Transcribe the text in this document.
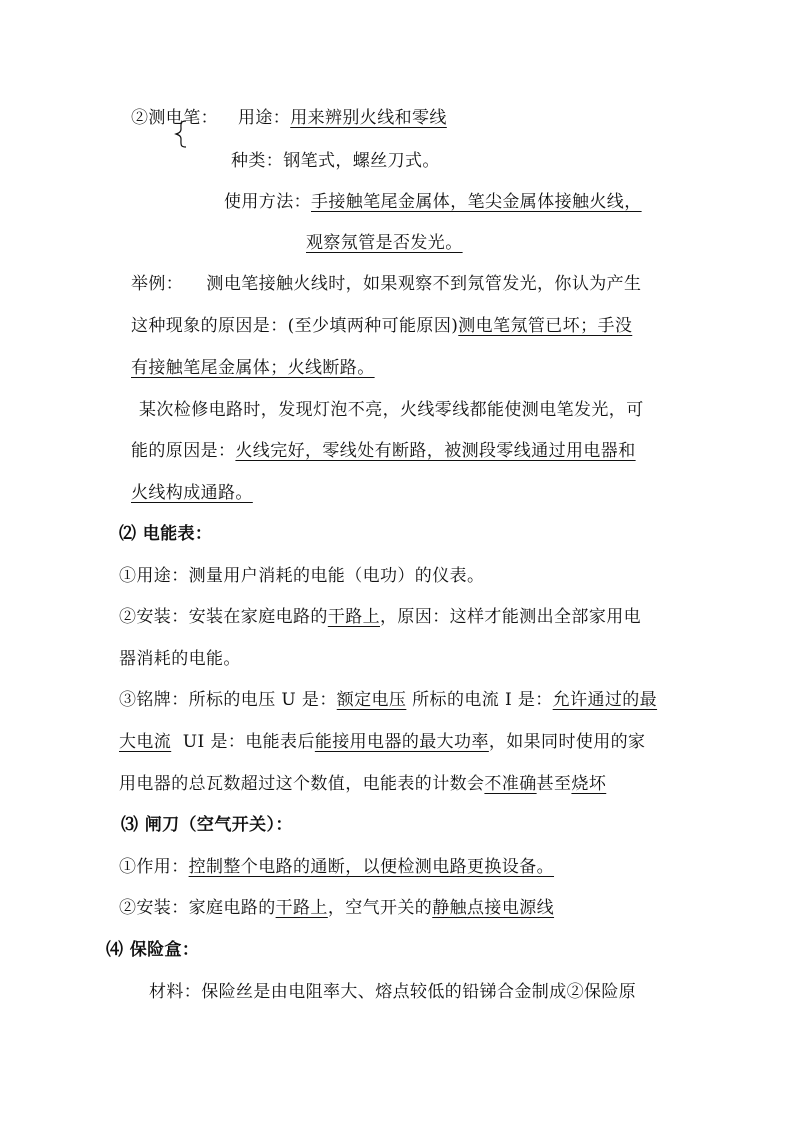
②测电笔： 用途：用来辨别火线和零线
种类：钢笔式，螺丝刀式。
使用方法：手接触笔尾金属体，笔尖金属体接触火线，
观察氖管是否发光。
举例：    测电笔接触火线时，如果观察不到氖管发光，你认为产生
这种现象的原因是：(至少填两种可能原因)测电笔氖管已坏；手没
有接触笔尾金属体；火线断路。
某次检修电路时，发现灯泡不亮，火线零线都能使测电笔发光，可
能的原因是：火线完好，零线处有断路，被测段零线通过用电器和
火线构成通路。
⑵ 电能表：
①用途：测量用户消耗的电能（电功）的仪表。
②安装：安装在家庭电路的干路上，原因：这样才能测出全部家用电
器消耗的电能。
③铭牌：所标的电压 U 是：额定电压 所标的电流 I 是：允许通过的最
大电流  UI 是：电能表后能接用电器的最大功率，如果同时使用的家
用电器的总瓦数超过这个数值，电能表的计数会不准确甚至烧坏
⑶ 闸刀（空气开关）：
①作用：控制整个电路的通断，以便检测电路更换设备。
②安装：家庭电路的干路上，空气开关的静触点接电源线
⑷ 保险盒：
材料：保险丝是由电阻率大、熔点较低的铅锑合金制成②保险原
